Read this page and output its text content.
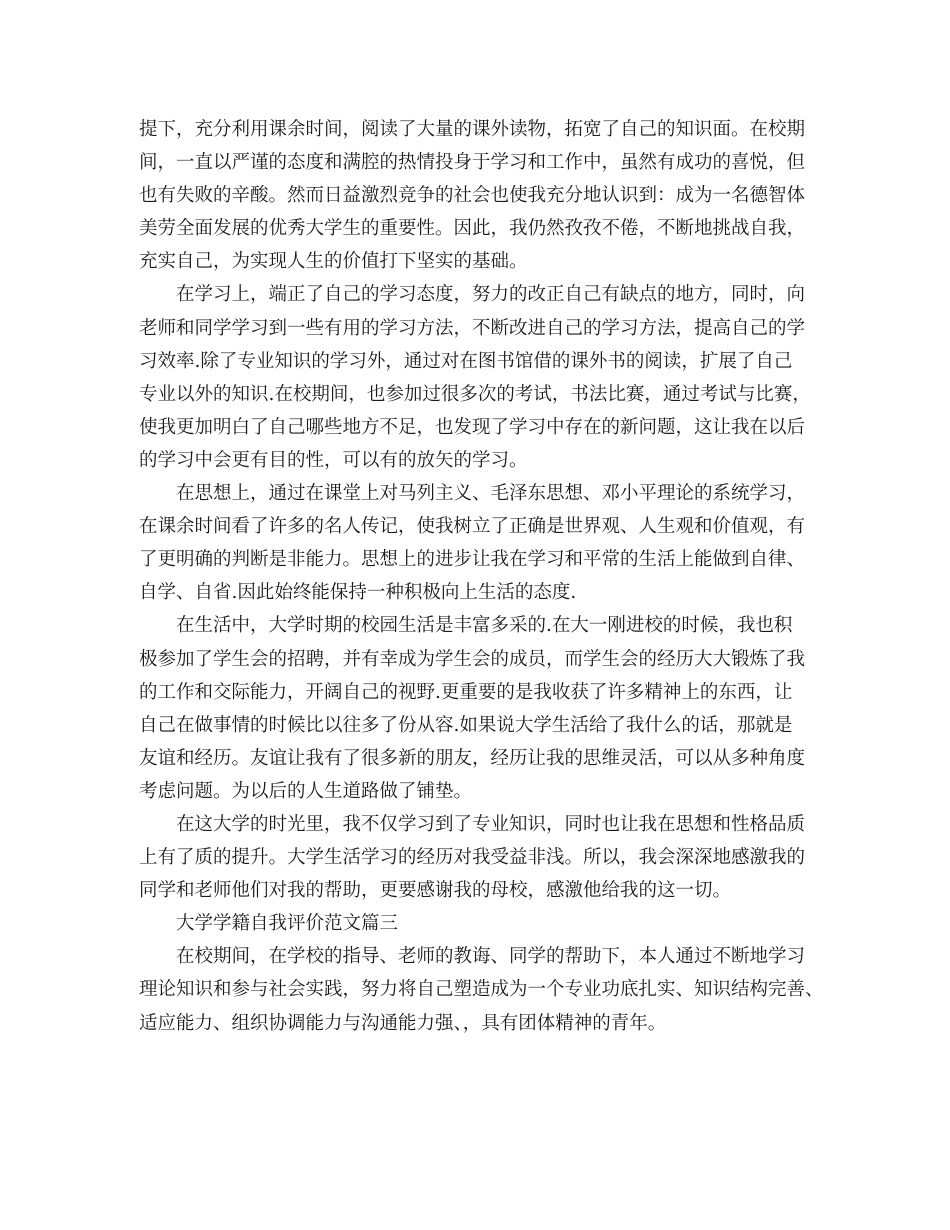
提下，充分利用课余时间，阅读了大量的课外读物，拓宽了自己的知识面。在校期
间，一直以严谨的态度和满腔的热情投身于学习和工作中，虽然有成功的喜悦，但
也有失败的辛酸。然而日益激烈竞争的社会也使我充分地认识到：成为一名德智体
美劳全面发展的优秀大学生的重要性。因此，我仍然孜孜不倦，不断地挑战自我，
充实自己，为实现人生的价值打下坚实的基础。

在学习上，端正了自己的学习态度，努力的改正自己有缺点的地方，同时，向
老师和同学学习到一些有用的学习方法，不断改进自己的学习方法，提高自己的学
习效率.除了专业知识的学习外，通过对在图书馆借的课外书的阅读，扩展了自己
专业以外的知识.在校期间，也参加过很多次的考试，书法比赛，通过考试与比赛，
使我更加明白了自己哪些地方不足，也发现了学习中存在的新问题，这让我在以后
的学习中会更有目的性，可以有的放矢的学习。

在思想上，通过在课堂上对马列主义、毛泽东思想、邓小平理论的系统学习，
在课余时间看了许多的名人传记，使我树立了正确是世界观、人生观和价值观，有
了更明确的判断是非能力。思想上的进步让我在学习和平常的生活上能做到自律、
自学、自省.因此始终能保持一种积极向上生活的态度.

在生活中，大学时期的校园生活是丰富多采的.在大一刚进校的时候，我也积
极参加了学生会的招聘，并有幸成为学生会的成员，而学生会的经历大大锻炼了我
的工作和交际能力，开阔自己的视野.更重要的是我收获了许多精神上的东西，让
自己在做事情的时候比以往多了份从容.如果说大学生活给了我什么的话，那就是
友谊和经历。友谊让我有了很多新的朋友，经历让我的思维灵活，可以从多种角度
考虑问题。为以后的人生道路做了铺垫。

在这大学的时光里，我不仅学习到了专业知识，同时也让我在思想和性格品质
上有了质的提升。大学生活学习的经历对我受益非浅。所以，我会深深地感激我的
同学和老师他们对我的帮助，更要感谢我的母校，感激他给我的这一切。

大学学籍自我评价范文篇三

在校期间，在学校的指导、老师的教诲、同学的帮助下，本人通过不断地学习
理论知识和参与社会实践，努力将自己塑造成为一个专业功底扎实、知识结构完善、
适应能力、组织协调能力与沟通能力强、，具有团体精神的青年。
